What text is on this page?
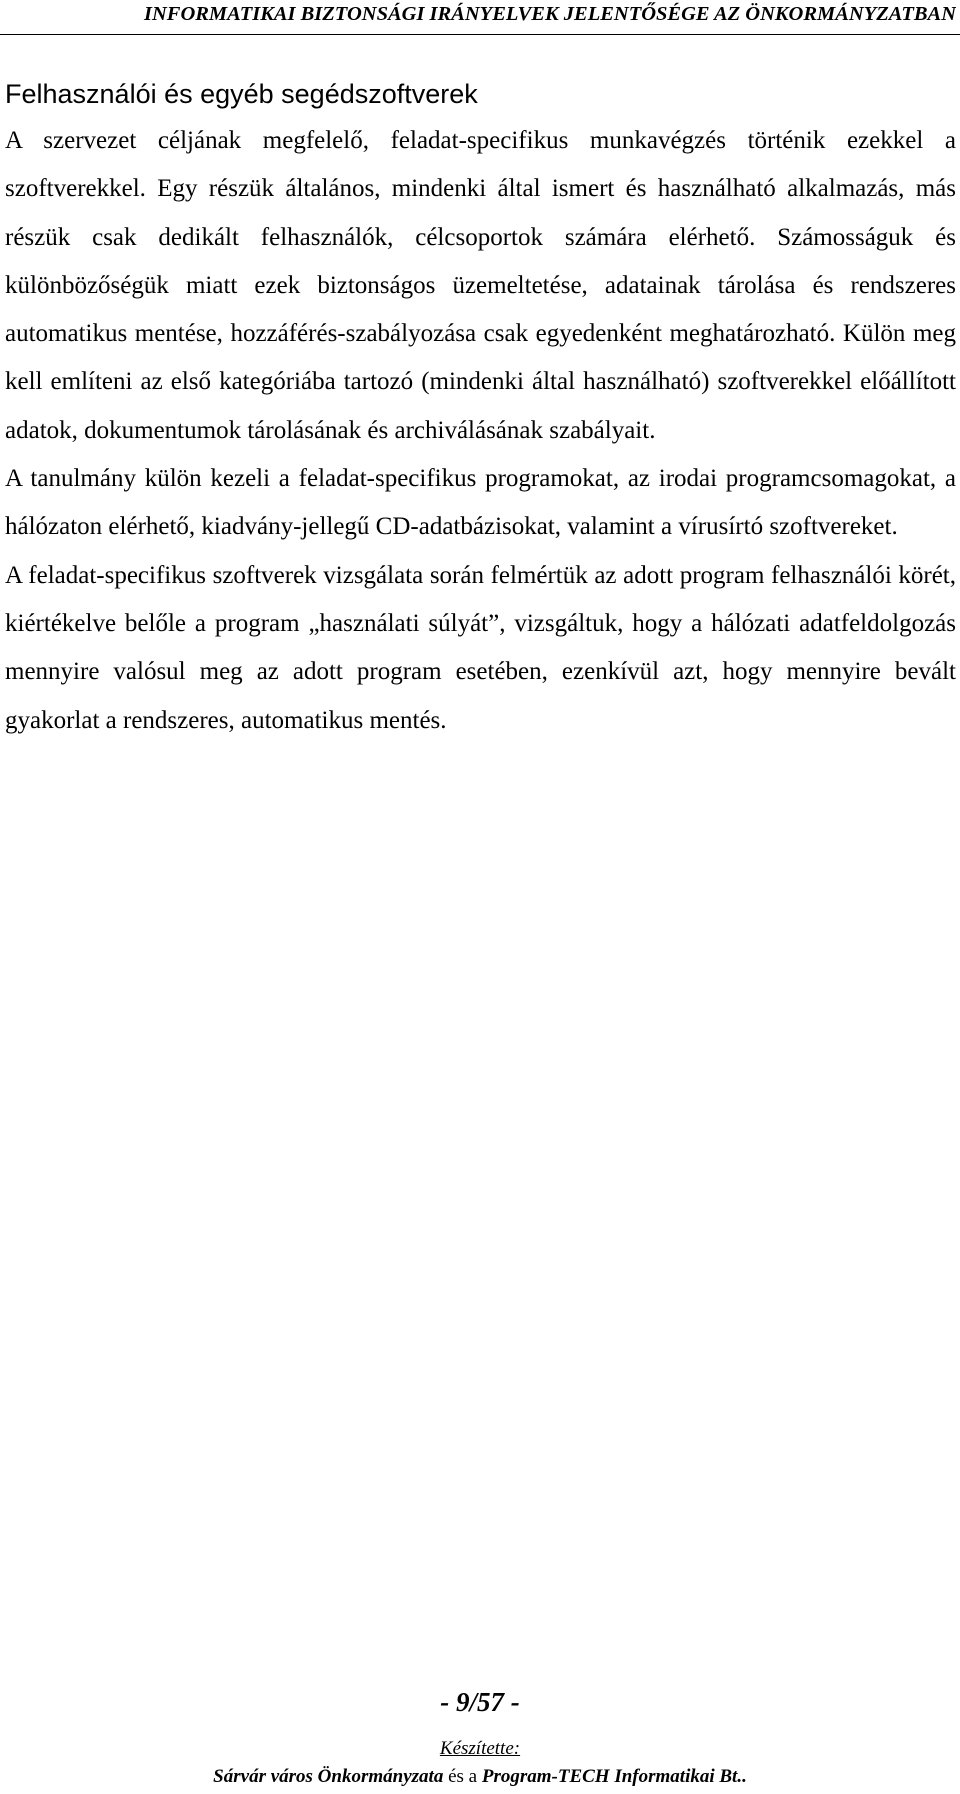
INFORMATIKAI BIZTONSÁGI IRÁNYELVEK JELENTŐSÉGE AZ ÖNKORMÁNYZATBAN
Felhasználói és egyéb segédszoftverek

A szervezet céljának megfelelő, feladat-specifikus munkavégzés történik ezekkel a szoftverekkel. Egy részük általános, mindenki által ismert és használható alkalmazás, más részük csak dedikált felhasználók, célcsoportok számára elérhető. Számosságuk és különbözőségük miatt ezek biztonságos üzemeltetése, adatainak tárolása és rendszeres automatikus mentése, hozzáférés-szabályozása csak egyedenként meghatározható. Külön meg kell említeni az első kategóriába tartozó (mindenki által használható) szoftverekkel előállított adatok, dokumentumok tárolásának és archiválásának szabályait.

A tanulmány külön kezeli a feladat-specifikus programokat, az irodai programcsomagokat, a hálózaton elérhető, kiadvány-jellegű CD-adatbázisokat, valamint a vírusírtó szoftvereket.

A feladat-specifikus szoftverek vizsgálata során felmértük az adott program felhasználói körét, kiértékelve belőle a program „használati súlyát”, vizsgáltuk, hogy a hálózati adatfeldolgozás mennyire valósul meg az adott program esetében, ezenkívül azt, hogy mennyire bevált gyakorlat a rendszeres, automatikus mentés.

- 9/57 -
Készítette:
Sárvár város Önkormányzata és a Program-TECH Informatikai Bt..
